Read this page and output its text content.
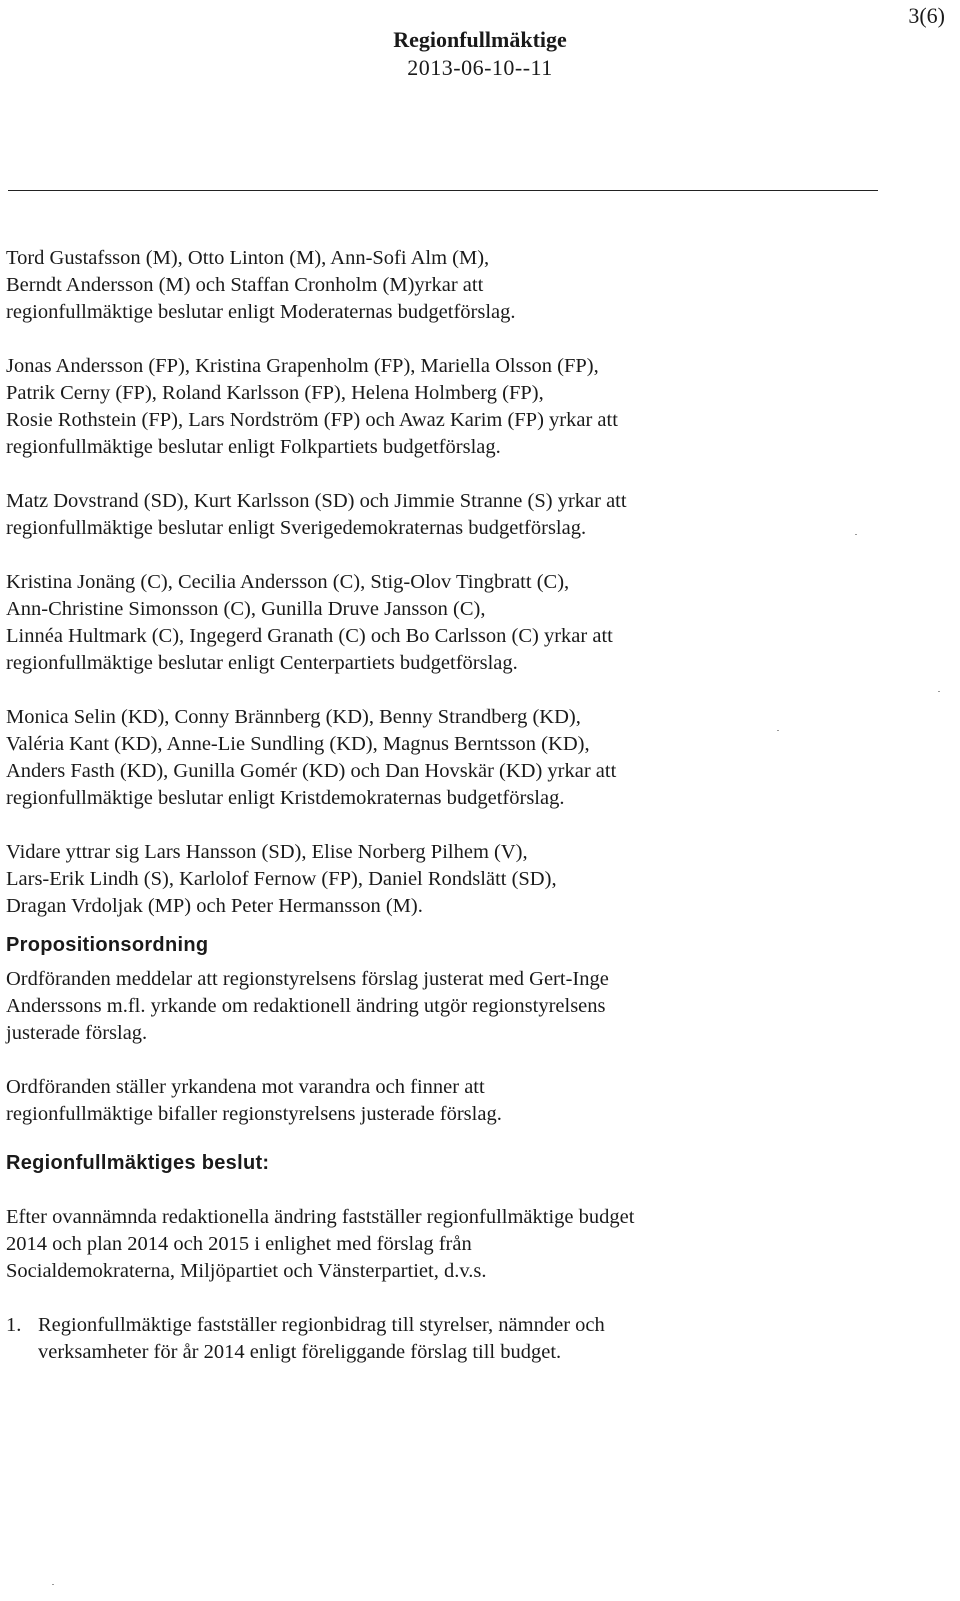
3(6)
Regionfullmäktige
2013-06-10--11
Tord Gustafsson (M), Otto Linton (M), Ann-Sofi Alm (M),
Berndt Andersson (M) och Staffan Cronholm (M)yrkar att
regionfullmäktige beslutar enligt Moderaternas budgetförslag.
Jonas Andersson (FP), Kristina Grapenholm (FP), Mariella Olsson (FP),
Patrik Cerny (FP), Roland Karlsson (FP), Helena Holmberg (FP),
Rosie Rothstein (FP), Lars Nordström (FP) och Awaz Karim (FP) yrkar att
regionfullmäktige beslutar enligt Folkpartiets budgetförslag.
Matz Dovstrand (SD), Kurt Karlsson (SD) och Jimmie Stranne (S) yrkar att
regionfullmäktige beslutar enligt Sverigedemokraternas budgetförslag.
Kristina Jonäng (C), Cecilia Andersson (C), Stig-Olov Tingbratt (C),
Ann-Christine Simonsson (C), Gunilla Druve Jansson (C),
Linnéa Hultmark (C), Ingegerd Granath (C) och Bo Carlsson (C) yrkar att
regionfullmäktige beslutar enligt Centerpartiets budgetförslag.
Monica Selin (KD), Conny Brännberg (KD), Benny Strandberg (KD),
Valéria Kant (KD), Anne-Lie Sundling (KD), Magnus Berntsson (KD),
Anders Fasth (KD), Gunilla Gomér (KD) och Dan Hovskär (KD) yrkar att
regionfullmäktige beslutar enligt Kristdemokraternas budgetförslag.
Vidare yttrar sig Lars Hansson (SD), Elise Norberg Pilhem (V),
Lars-Erik Lindh (S), Karlolof Fernow (FP), Daniel Rondslätt (SD),
Dragan Vrdoljak (MP) och Peter Hermansson (M).
Propositionsordning
Ordföranden meddelar att regionstyrelsens förslag justerat med Gert-Inge
Anderssons m.fl. yrkande om redaktionell ändring utgör regionstyrelsens
justerade förslag.
Ordföranden ställer yrkandena mot varandra och finner att
regionfullmäktige bifaller regionstyrelsens justerade förslag.
Regionfullmäktiges beslut:
Efter ovannämnda redaktionella ändring fastställer regionfullmäktige budget
2014 och plan 2014 och 2015 i enlighet med förslag från
Socialdemokraterna, Miljöpartiet och Vänsterpartiet, d.v.s.
1. Regionfullmäktige fastställer regionbidrag till styrelser, nämnder och
verksamheter för år 2014 enligt föreliggande förslag till budget.
